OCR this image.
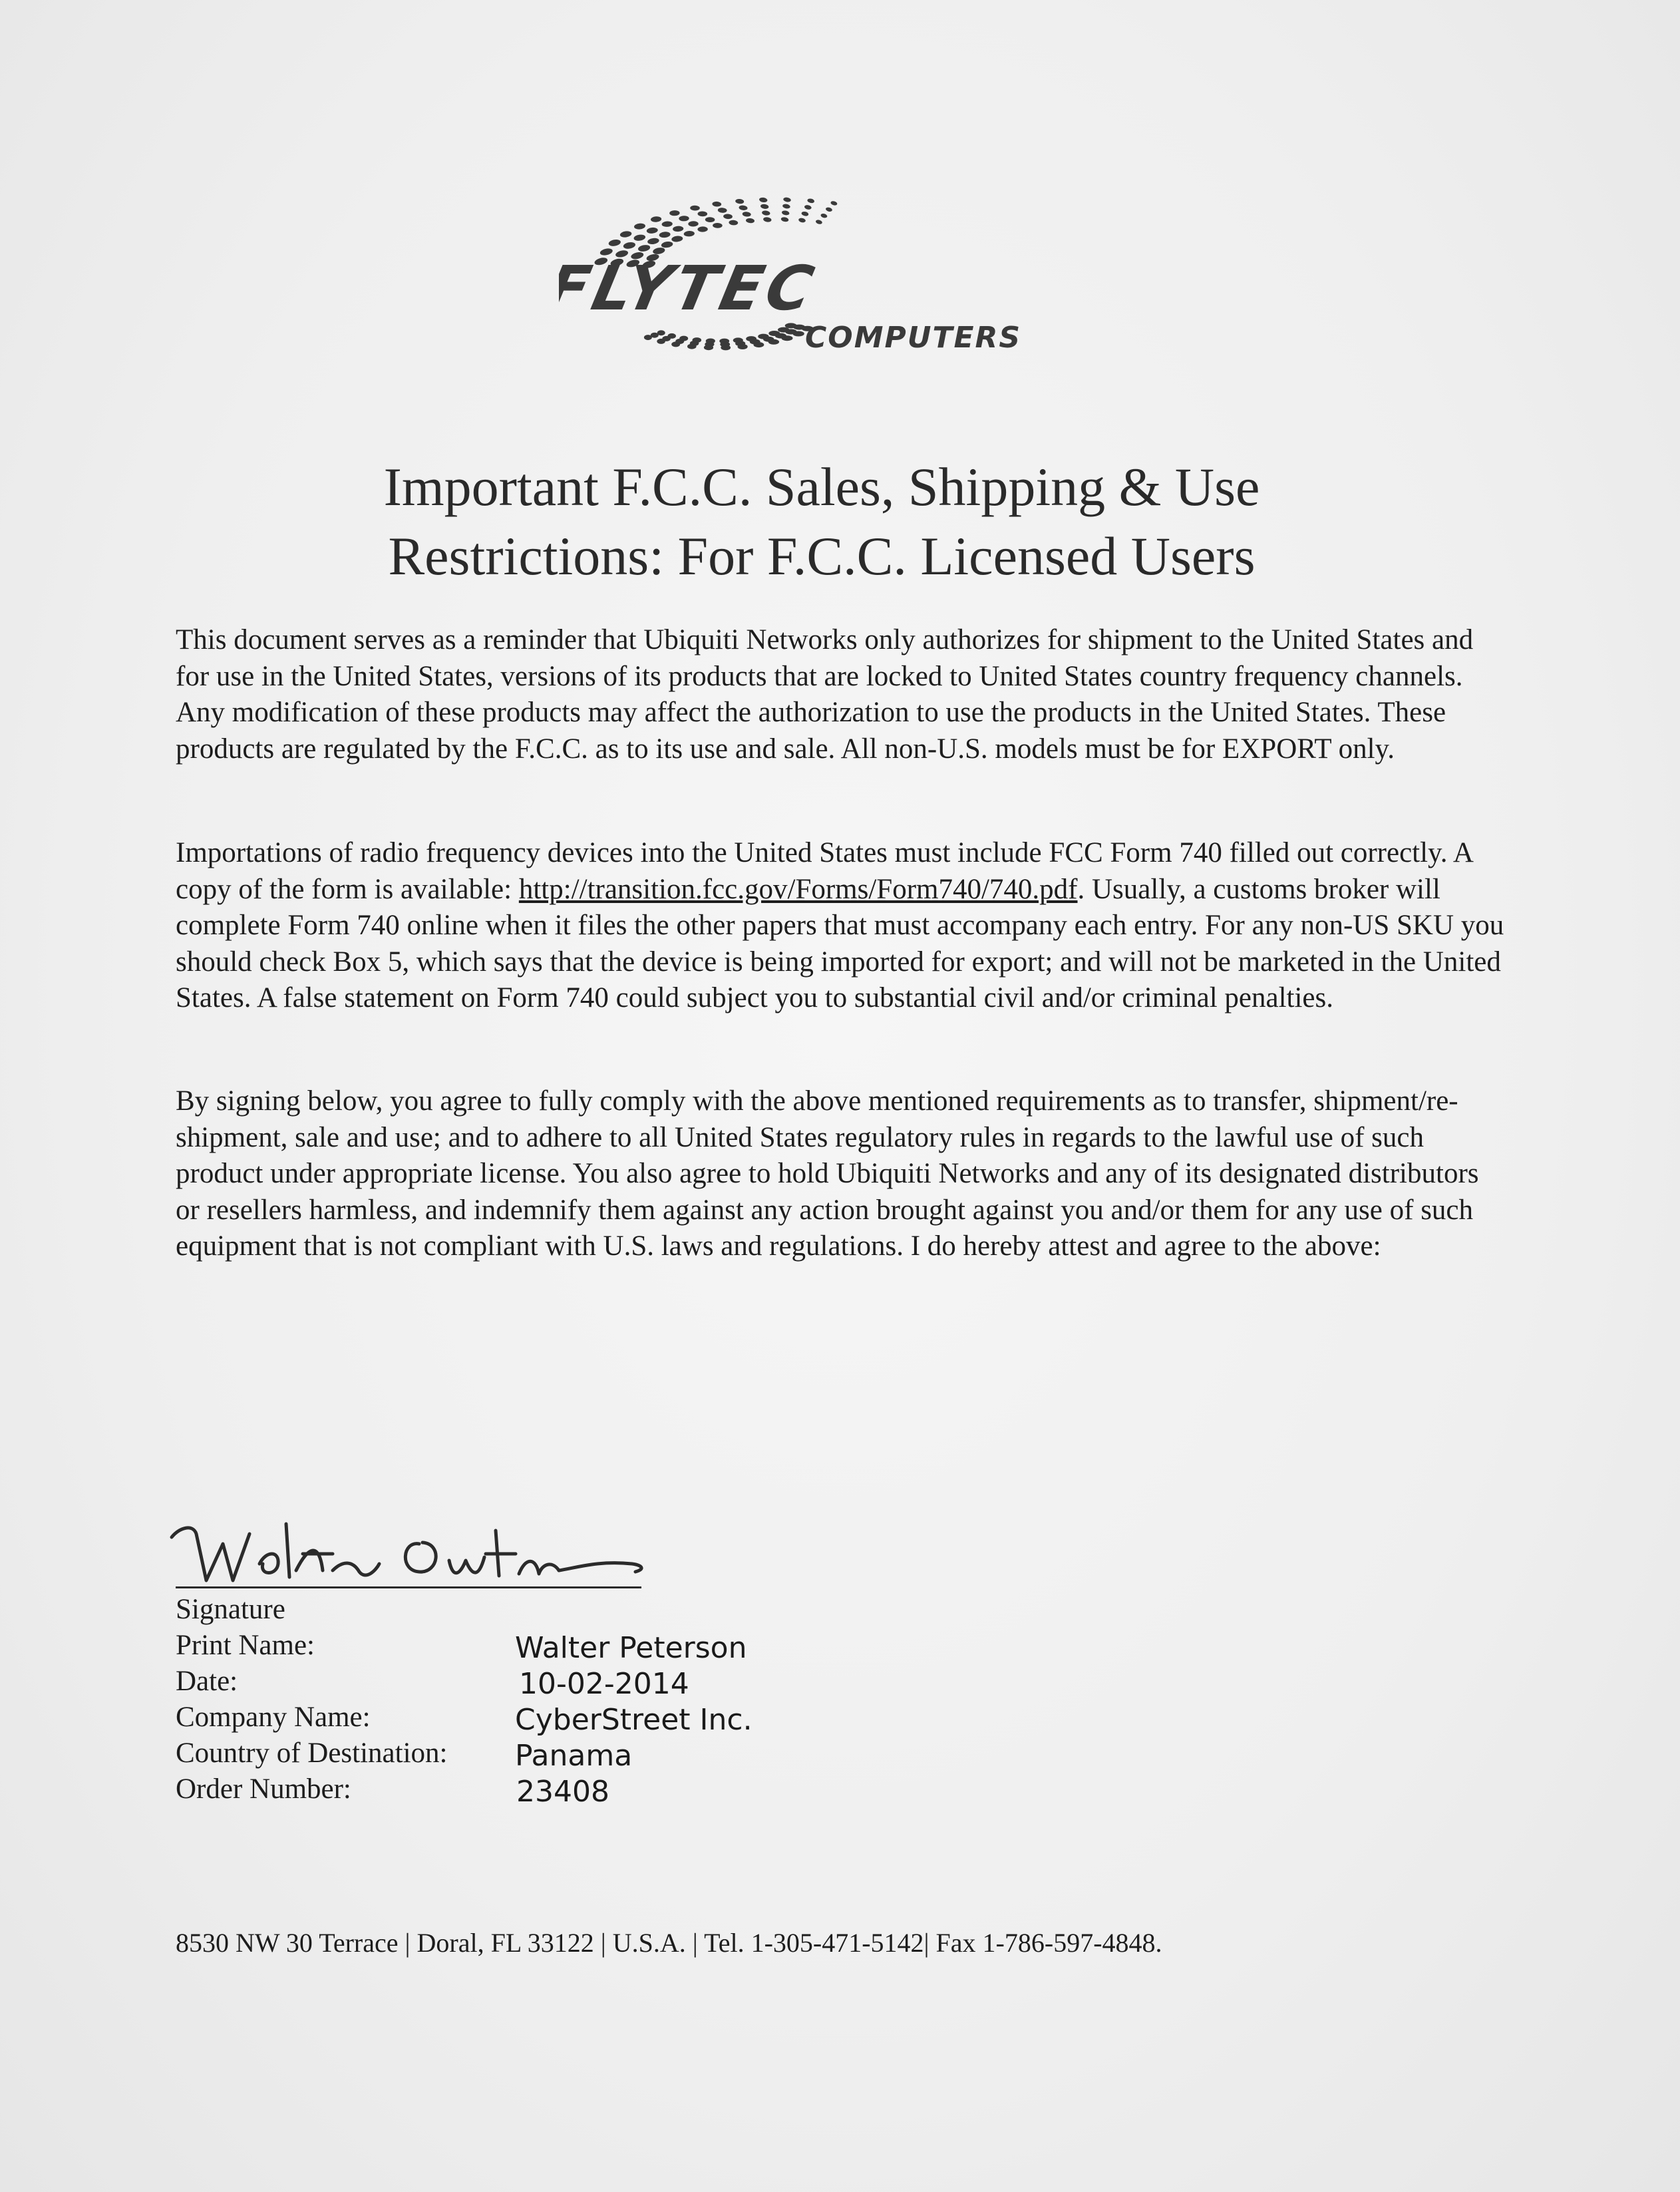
FLYTEC
COMPUTERS
Important F.C.C. Sales, Shipping & Use
Restrictions: For F.C.C. Licensed Users

This document serves as a reminder that Ubiquiti Networks only authorizes for shipment to the United States and for use in the United States, versions of its products that are locked to United States country frequency channels. Any modification of these products may affect the authorization to use the products in the United States. These products are regulated by the F.C.C. as to its use and sale. All non-U.S. models must be for EXPORT only.

Importations of radio frequency devices into the United States must include FCC Form 740 filled out correctly. A copy of the form is available: http://transition.fcc.gov/Forms/Form740/740.pdf. Usually, a customs broker will complete Form 740 online when it files the other papers that must accompany each entry. For any non-US SKU you should check Box 5, which says that the device is being imported for export; and will not be marketed in the United States. A false statement on Form 740 could subject you to substantial civil and/or criminal penalties.

By signing below, you agree to fully comply with the above mentioned requirements as to transfer, shipment/re-shipment, sale and use; and to adhere to all United States regulatory rules in regards to the lawful use of such product under appropriate license. You also agree to hold Ubiquiti Networks and any of its designated distributors or resellers harmless, and indemnify them against any action brought against you and/or them for any use of such equipment that is not compliant with U.S. laws and regulations. I do hereby attest and agree to the above:

Signature
Print Name:
Date:
Company Name:
Country of Destination:
Order Number:
Walter Peterson
10-02-2014
CyberStreet Inc.
Panama
23408
8530 NW 30 Terrace | Doral, FL 33122 | U.S.A. | Tel. 1-305-471-5142| Fax 1-786-597-4848.
